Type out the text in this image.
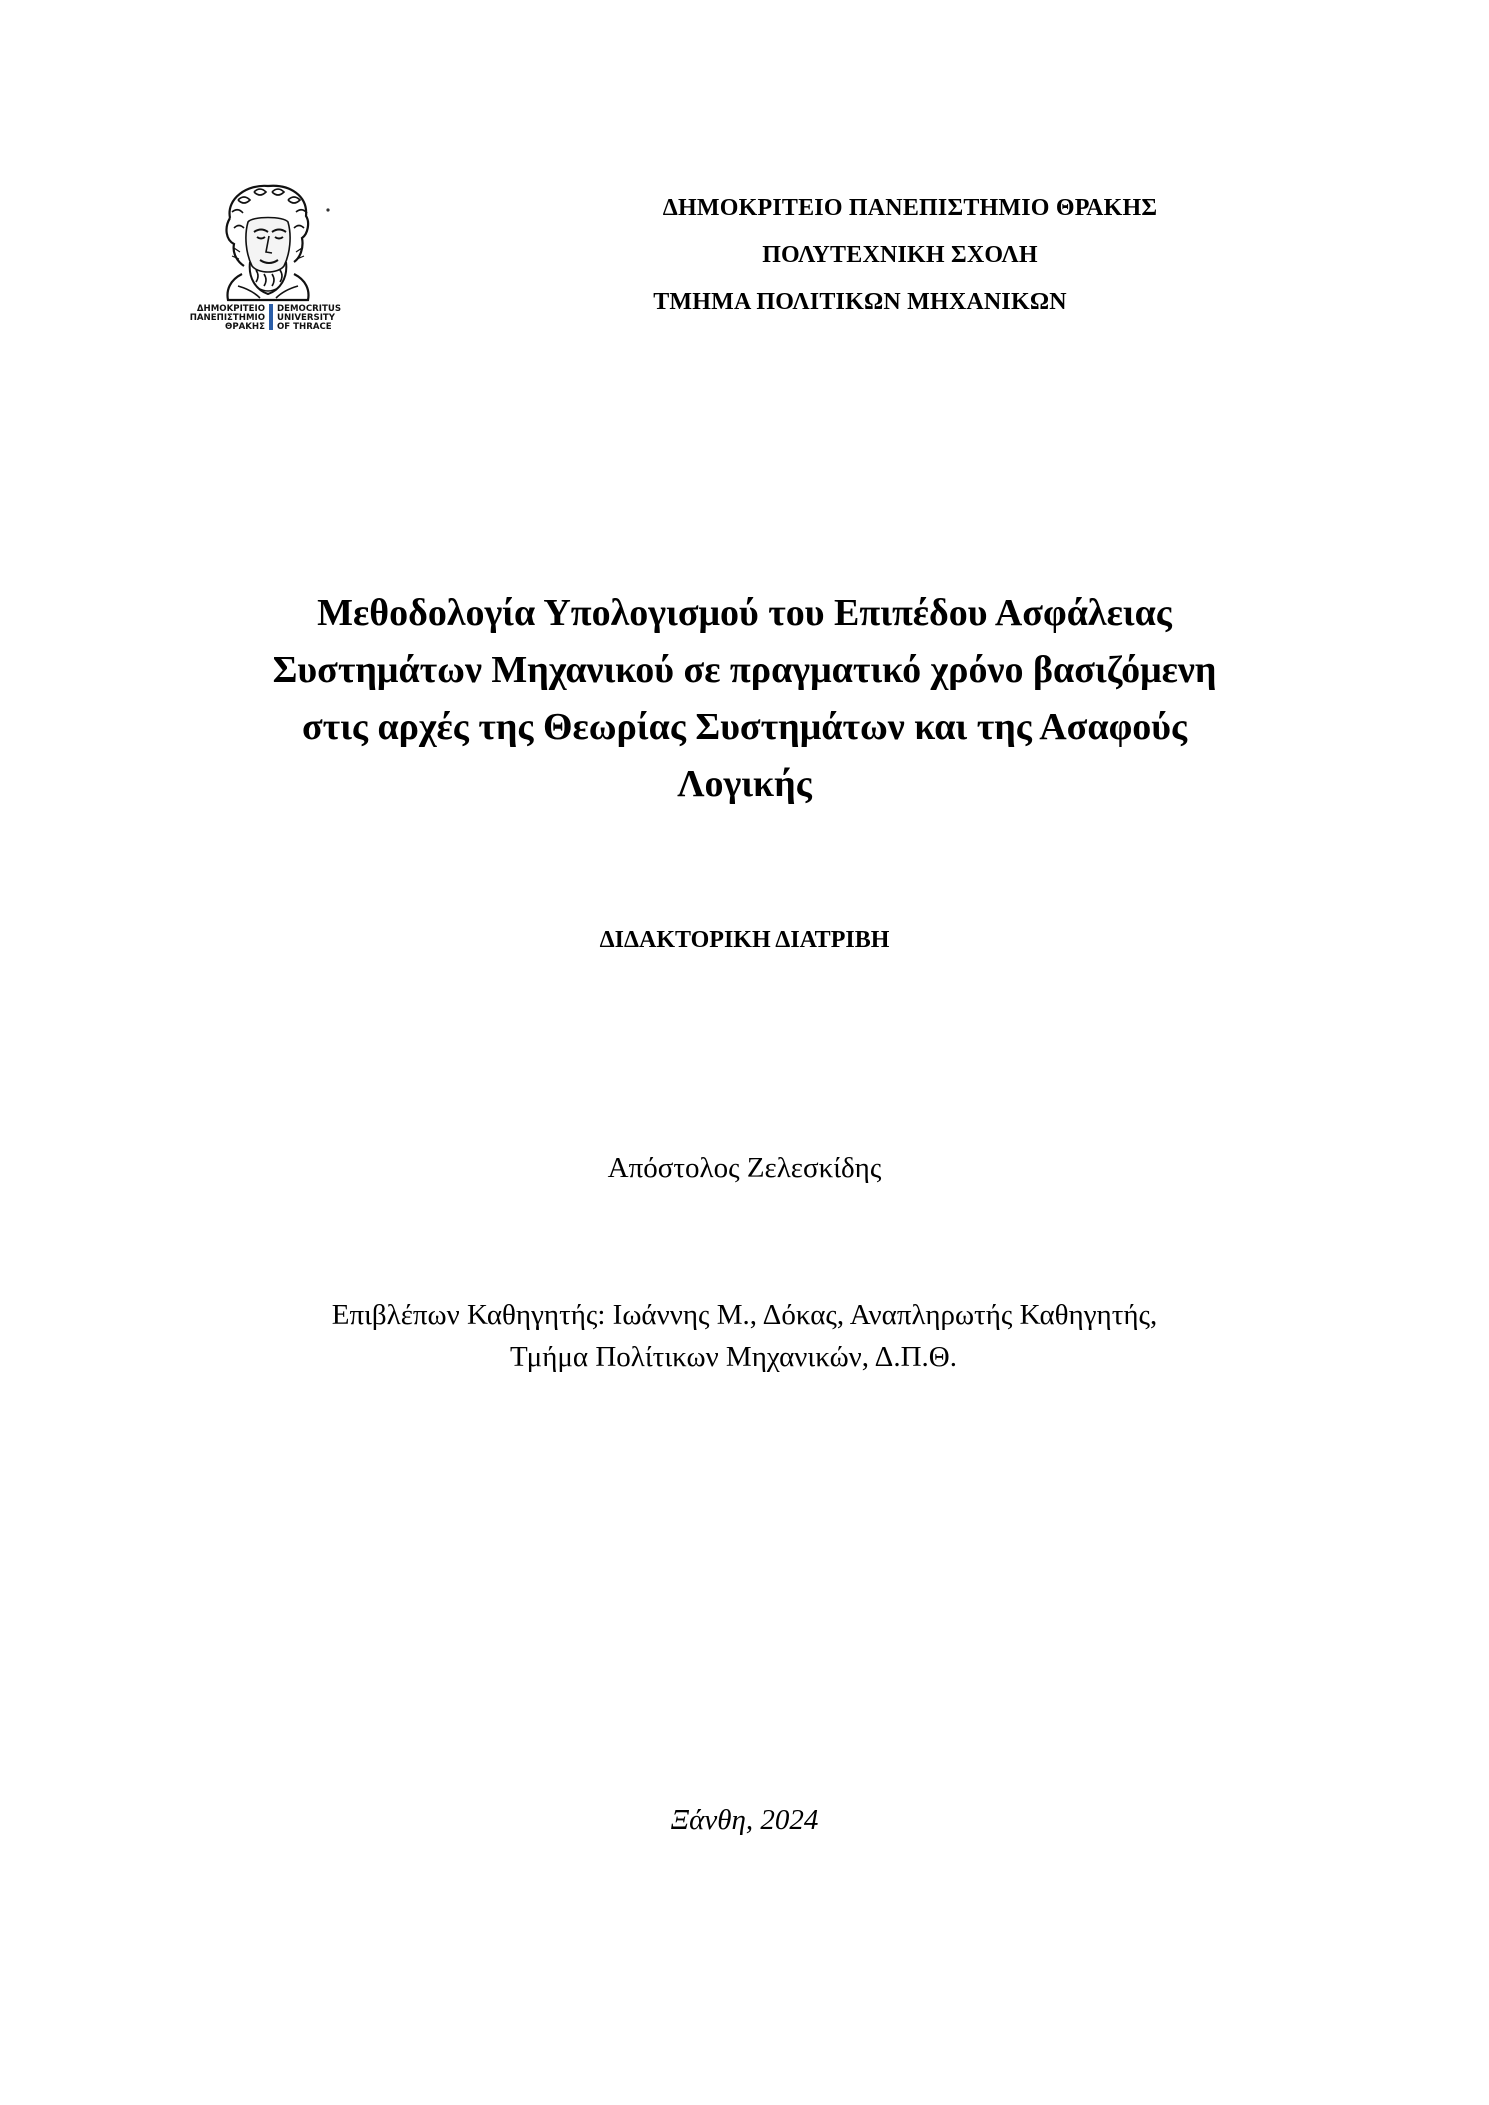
ΔΗΜΟΚΡΙΤΕΙΟ
ΠΑΝΕΠΙΣΤΗΜΙΟ
ΘΡΑΚΗΣ
DEMOCRITUS
UNIVERSITY
OF THRACE
ΔΗΜΟΚΡΙΤΕΙΟ ΠΑΝΕΠΙΣΤΗΜΙΟ ΘΡΑΚΗΣ
ΠΟΛΥΤΕΧΝΙΚΗ ΣΧΟΛΗ
ΤΜΗΜΑ ΠΟΛΙΤΙΚΩΝ ΜΗΧΑΝΙΚΩΝ
Μεθοδολογία Υπολογισμού του Επιπέδου Ασφάλειας
Συστημάτων Μηχανικού σε πραγματικό χρόνο βασιζόμενη
στις αρχές της Θεωρίας Συστημάτων και της Ασαφούς
Λογικής
ΔΙΔΑΚΤΟΡΙΚΗ ΔΙΑΤΡΙΒΗ
Απόστολος Ζελεσκίδης
Επιβλέπων Καθηγητής: Ιωάννης Μ., Δόκας, Αναπληρωτής Καθηγητής,
Τμήμα Πολίτικων Μηχανικών, Δ.Π.Θ.
Ξάνθη, 2024
